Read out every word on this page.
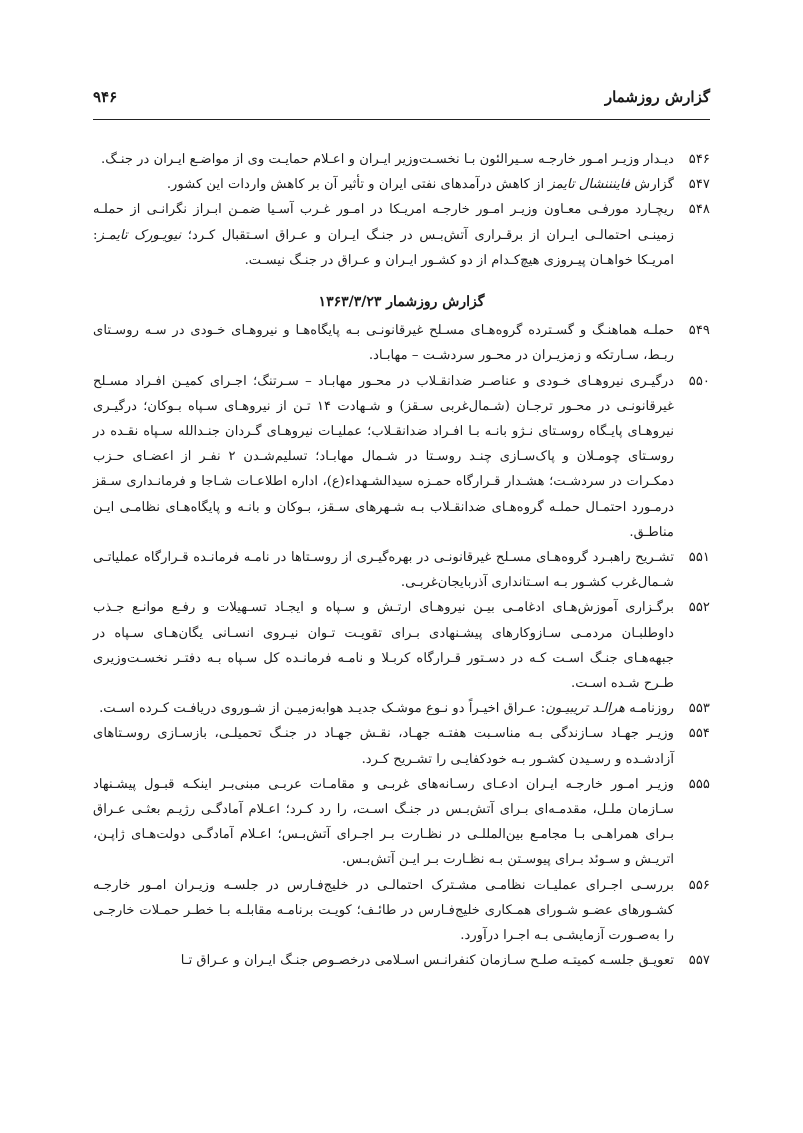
گزارش روزشمار
۹۴۶
۵۴۶
دیـدار وزیـر امـور خارجـه سـیرالئون بـا نخسـت‌وزیر ایـران و اعـلام حمایـت وی از مواضـع ایـران در جنـگ.
۵۴۷
گزارش فاینننشال تایمز از کاهش درآمدهای نفتی ایران و تأثیر آن بر کاهش واردات این کشور.
۵۴۸
ریچـارد مورفـی معـاون وزیـر امـور خارجـه امریـکا در امـور غـرب آسـیا ضمـن ابـراز نگرانـی از حملـه زمینـی احتمالـی ایـران از برقـراری آتش‌بـس در جنـگ ایـران و عـراق اسـتقبال کـرد؛ نیویـورک تایمـز: امریـکا خواهـان پیـروزی هیچ‌کـدام از دو کشـور ایـران و عـراق در جنـگ نیسـت.
گزارش روزشمار ۱۳۶۳/۳/۲۳
۵۴۹
حملـه هماهنـگ و گسـترده گروه‌هـای مسـلح غیرقانونـی بـه پایگاه‌هـا و نیروهـای خـودی در سـه روسـتای ربـط، سـارتکه و زمزیـران در محـور سردشـت – مهابـاد.
۵۵۰
درگیـری نیروهـای خـودی و عناصـر ضدانقـلاب در محـور مهابـاد – سـرتنگ؛ اجـرای کمیـن افـراد مسـلح غیرقانونـی در محـور ترجـان (شـمال‌غربی سـقز) و شـهادت ۱۴ تـن از نیروهـای سـپاه بـوکان؛ درگیـری نیروهـای پایـگاه روسـتای نـژو بانـه بـا افـراد ضدانقـلاب؛ عملیـات نیروهـای گـردان جنـدالله سـپاه نقـده در روسـتای چومـلان و پاک‌سـازی چنـد روسـتا در شـمال مهابـاد؛ تسلیم‌شـدن ۲ نفـر از اعضـای حـزب دمکـرات در سردشـت؛ هشـدار قـرارگاه حمـزه سیدالشـهداء(ع)، اداره اطلاعـات شـاجا و فرمانـداری سـقز درمـورد احتمـال حملـه گروه‌هـای ضدانقـلاب بـه شـهرهای سـقز، بـوکان و بانـه و پایگاه‌هـای نظامـی ایـن مناطـق.
۵۵۱
تشـریح راهبـرد گروه‌هـای مسـلح غیرقانونـی در بهره‌گیـری از روسـتاها در نامـه فرمانـده قـرارگاه عملیاتـی شـمال‌غرب کشـور بـه اسـتانداری آذربایجان‌غربـی.
۵۵۲
برگـزاری آموزش‌هـای ادغامـی بیـن نیروهـای ارتـش و سـپاه و ایجـاد تسـهیلات و رفـع موانـع جـذب داوطلبـان مردمـی سـازوکارهای پیشـنهادی بـرای تقویـت تـوان نیـروی انسـانی یگان‌هـای سـپاه در جبهه‌هـای جنـگ اسـت کـه در دسـتور قـرارگاه کربـلا و نامـه فرمانـده کل سـپاه بـه دفتـر نخسـت‌وزیری طـرح شـده اسـت.
۵۵۳
روزنامـه هرالـد تریبیـون: عـراق اخیـراً دو نـوع موشـک جدیـد هوابه‌زمیـن از شـوروی دریافـت کـرده اسـت.
۵۵۴
وزیـر جهـاد سـازندگی بـه مناسـبت هفتـه جهـاد، نقـش جهـاد در جنـگ تحمیلـی، بازسـازی روسـتاهای آزادشـده و رسـیدن کشـور بـه خودکفایـی را تشـریح کـرد.
۵۵۵
وزیـر امـور خارجـه ایـران ادعـای رسـانه‌های غربـی و مقامـات عربـی مبنی‌بـر اینکـه قبـول پیشـنهاد سـازمان ملـل، مقدمـه‌ای بـرای آتش‌بـس در جنـگ اسـت، را رد کـرد؛ اعـلام آمادگـی رژیـم بعثـی عـراق بـرای همراهـی بـا مجامـع بین‌المللـی در نظـارت بـر اجـرای آتش‌بـس؛ اعـلام آمادگـی دولت‌هـای ژاپـن، اتریـش و سـوئد بـرای پیوسـتن بـه نظـارت بـر ایـن آتش‌بـس.
۵۵۶
بررسـی اجـرای عملیـات نظامـی مشـترک احتمالـی در خلیج‌فـارس در جلسـه وزیـران امـور خارجـه کشـورهای عضـو شـورای همـکاری خلیج‌فـارس در طائـف؛ کویـت برنامـه مقابلـه بـا خطـر حمـلات خارجـی را به‌صـورت آزمایشـی بـه اجـرا درآورد.
۵۵۷
تعویـق جلسـه کمیتـه صلـح سـازمان کنفرانـس اسـلامی درخصـوص جنـگ ایـران و عـراق تـا
